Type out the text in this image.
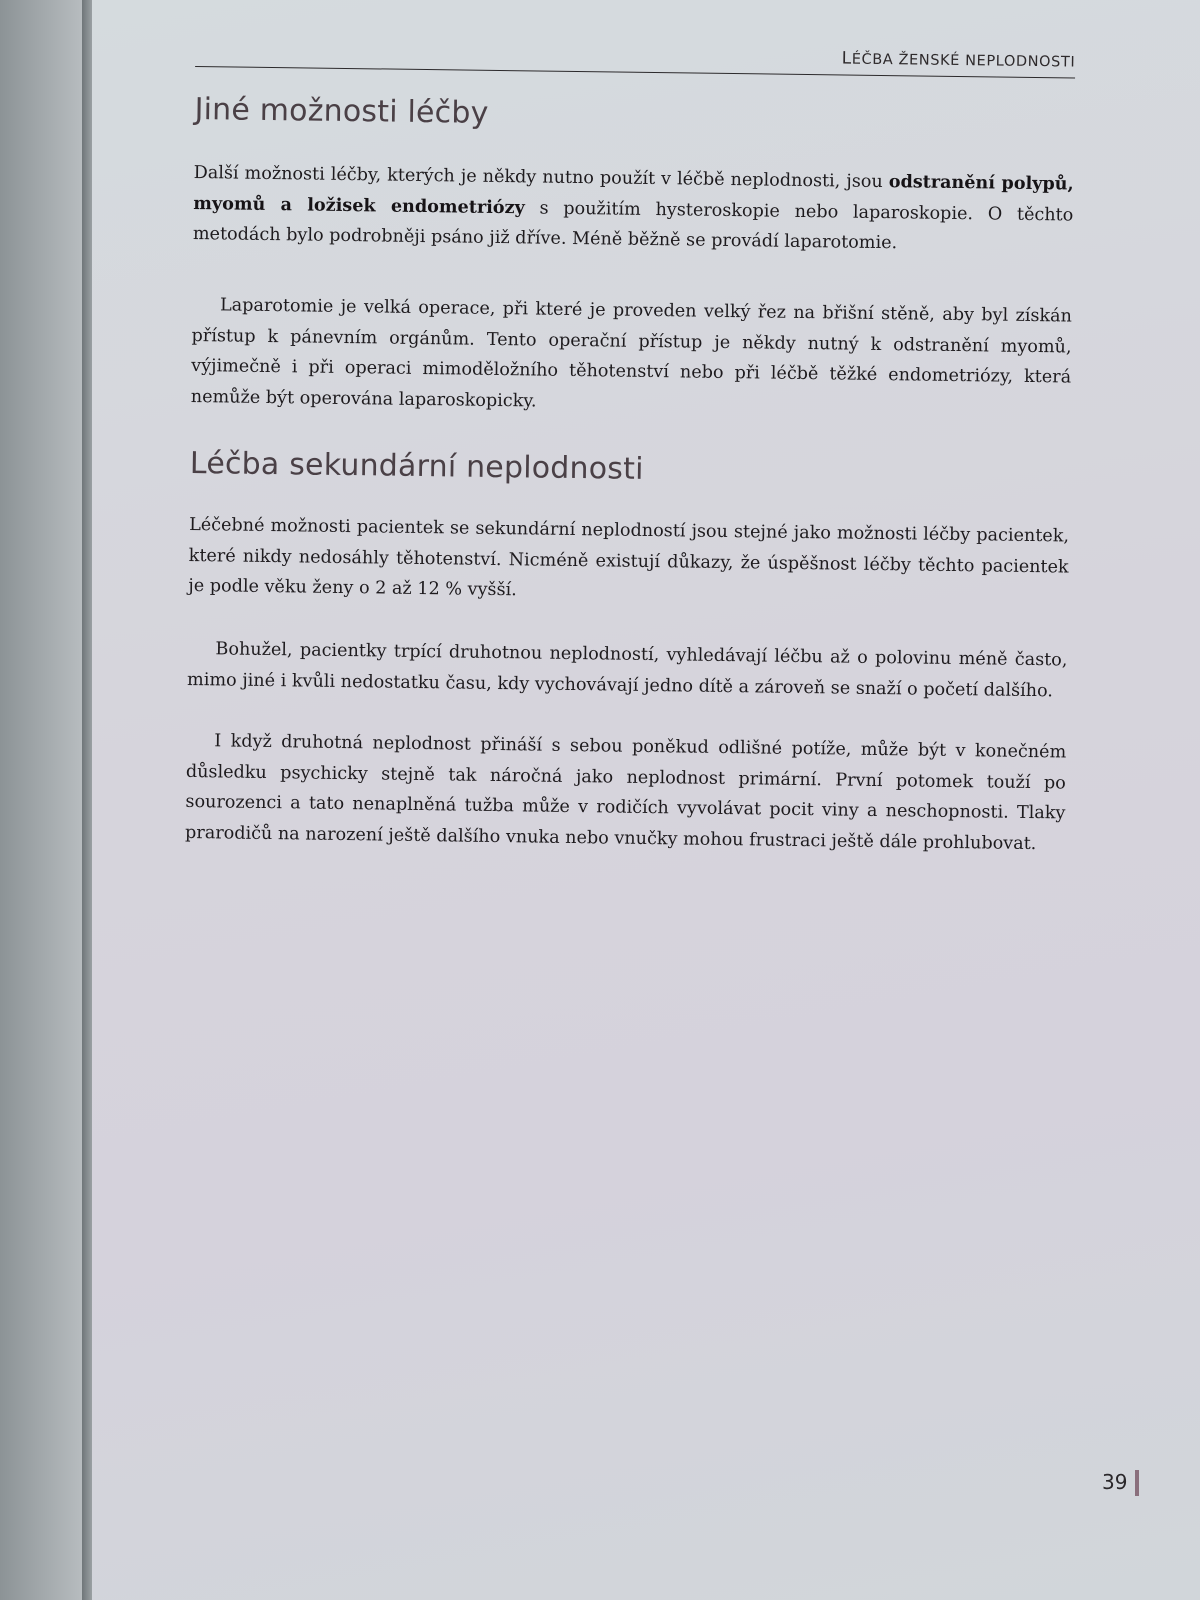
LÉČBA ŽENSKÉ NEPLODNOSTI
Jiné možnosti léčby

Další možnosti léčby, kterých je někdy nutno použít v léčbě neplodnosti, jsou odstranění polypů, myomů a ložisek endometriózy s použitím hysteroskopie nebo laparoskopie. O těchto metodách bylo podrobněji psáno již dříve. Méně běžně se provádí laparotomie.

Laparotomie je velká operace, při které je proveden velký řez na břišní stěně, aby byl získán přístup k pánevním orgánům. Tento operační přístup je někdy nutný k odstranění myomů, výjimečně i při operaci mimoděložního těhotenství nebo při léčbě těžké endometriózy, která nemůže být operována laparoskopicky.

Léčba sekundární neplodnosti

Léčebné možnosti pacientek se sekundární neplodností jsou stejné jako možnosti léčby pacientek, které nikdy nedosáhly těhotenství. Nicméně existují důkazy, že úspěšnost léčby těchto pacientek je podle věku ženy o 2 až 12 % vyšší.

Bohužel, pacientky trpící druhotnou neplodností, vyhledávají léčbu až o polovinu méně často, mimo jiné i kvůli nedostatku času, kdy vychovávají jedno dítě a zároveň se snaží o početí dalšího.

I když druhotná neplodnost přináší s sebou poněkud odlišné potíže, může být v konečném důsledku psychicky stejně tak náročná jako neplodnost primární. První potomek touží po sourozenci a tato nenaplněná tužba může v rodičích vyvolávat pocit viny a neschopnosti. Tlaky prarodičů na narození ještě dalšího vnuka nebo vnučky mohou frustraci ještě dále prohlubovat.

39
